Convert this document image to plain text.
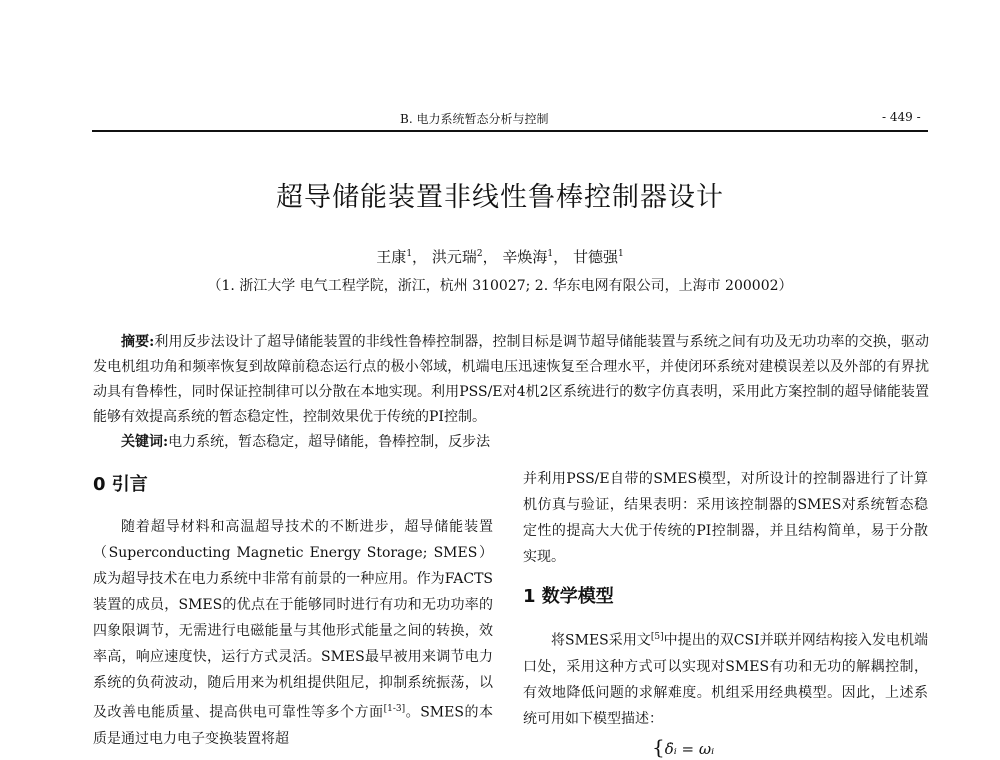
B. 电力系统暂态分析与控制	- 449 -
超导储能装置非线性鲁棒控制器设计
王康$^1$， 洪元瑞$^2$， 辛焕海$^1$， 甘德强$^1$
（1. 浙江大学 电气工程学院，浙江，杭州 310027; 2. 华东电网有限公司，上海市 200002）

摘要:利用反步法设计了超导储能装置的非线性鲁棒控制器，控制目标是调节超导储能装置与系统之间有功及无功功率的交换，驱动发电机组功角和频率恢复到故障前稳态运行点的极小邻域，机端电压迅速恢复至合理水平，并使闭环系统对建模误差以及外部的有界扰动具有鲁棒性，同时保证控制律可以分散在本地实现。利用PSS/E对4机2区系统进行的数字仿真表明，采用此方案控制的超导储能装置能够有效提高系统的暂态稳定性，控制效果优于传统的PI控制。

关键词:电力系统，暂态稳定，超导储能，鲁棒控制，反步法

0 引言

随着超导材料和高温超导技术的不断进步，超导储能装置（Superconducting Magnetic Energy Storage; SMES）成为超导技术在电力系统中非常有前景的一种应用。作为FACTS装置的成员，SMES的优点在于能够同时进行有功和无功功率的四象限调节，无需进行电磁能量与其他形式能量之间的转换，效率高，响应速度快，运行方式灵活。SMES最早被用来调节电力系统的负荷波动，随后用来为机组提供阻尼，抑制系统振荡，以及改善电能质量、提高供电可靠性等多个方面[1-3]。SMES的本质是通过电力电子变换装置将超

并利用PSS/E自带的SMES模型，对所设计的控制器进行了计算机仿真与验证，结果表明：采用该控制器的SMES对系统暂态稳定性的提高大大优于传统的PI控制器，并且结构简单，易于分散实现。

1 数学模型

将SMES采用文[5]中提出的双CSI并联并网结构接入发电机端口处，采用这种方式可以实现对SMES有功和无功的解耦控制，有效地降低问题的求解难度。机组采用经典模型。因此，上述系统可用如下模型描述：

{δ̇ᵢ = ωᵢ
